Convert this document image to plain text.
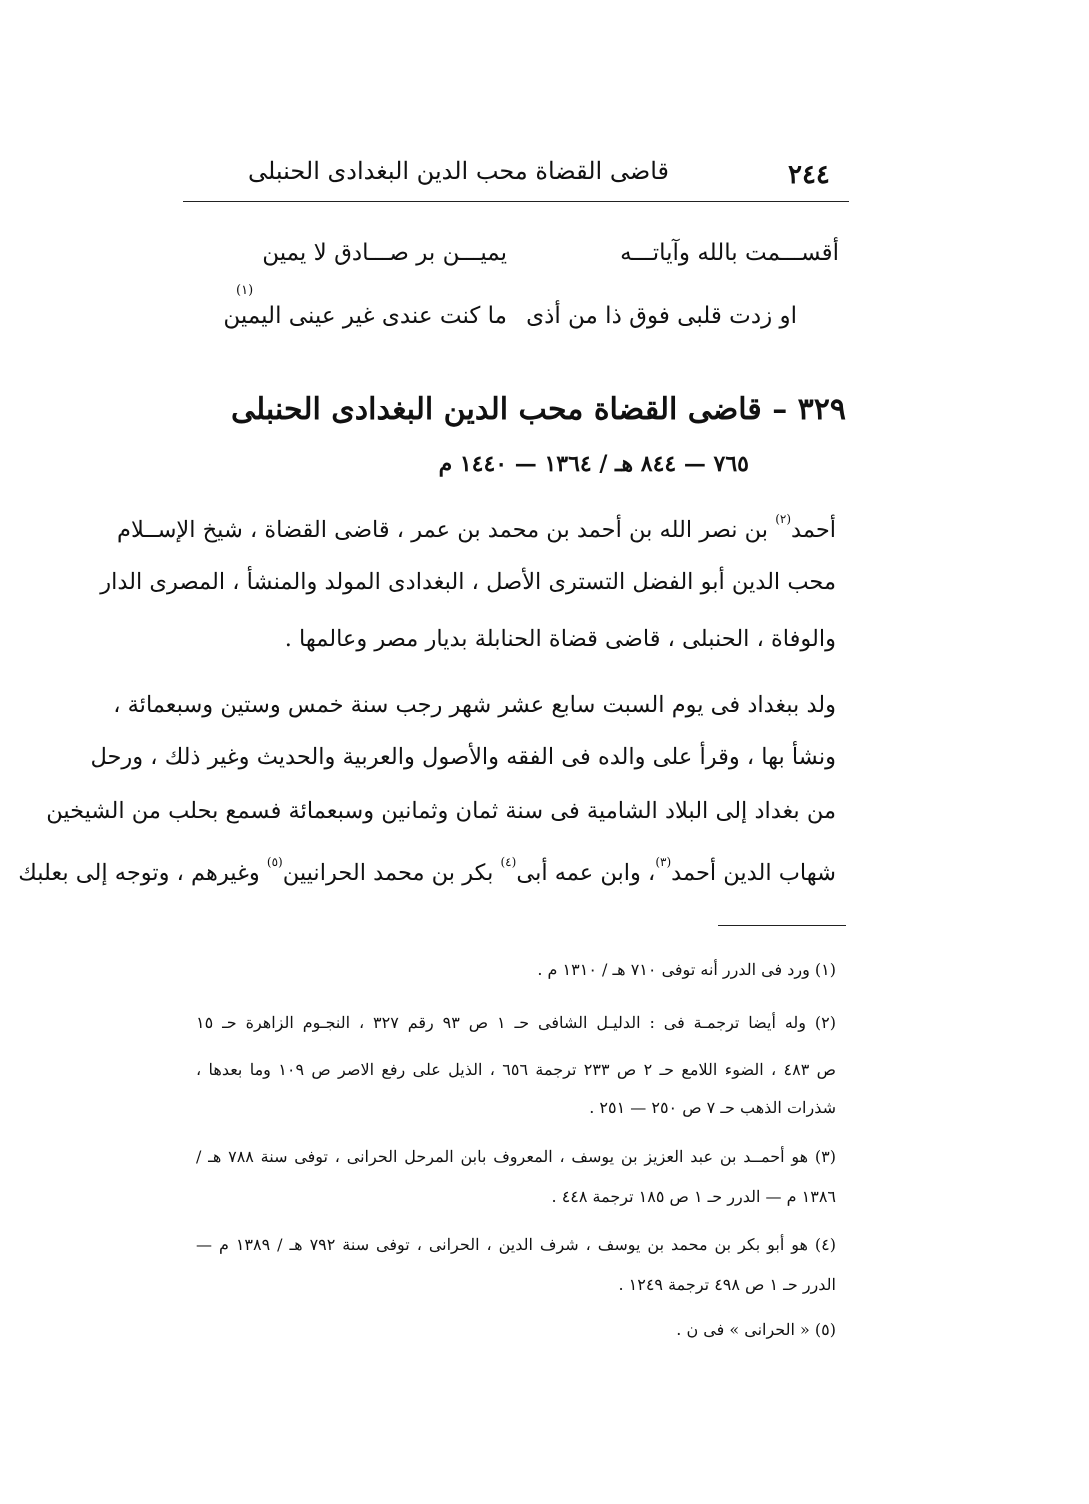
٢٤٤
قاضى القضاة محب الدين البغدادى الحنبلى
أقســـمت بالله وآياتـــه
يميـــن بر صـــادق لا يمين
او زدت قلبى فوق ذا من أذى
ما كنت عندى غير عينى اليمين
(١)
٣٢٩ – قاضى القضاة محب الدين البغدادى الحنبلى
٧٦٥ — ٨٤٤ هـ / ١٣٦٤ — ١٤٤٠ م
أحمد$^{(٢)}$ بن نصر الله بن أحمد بن محمد بن عمر ، قاضى القضاة ، شيخ الإســلام
محب الدين أبو الفضل التسترى الأصل ، البغدادى المولد والمنشأ ، المصرى الدار
والوفاة ، الحنبلى ، قاضى قضاة الحنابلة بديار مصر وعالمها .
ولد ببغداد فى يوم السبت سابع عشر شهر رجب سنة خمس وستين وسبعمائة ،
ونشأ بها ، وقرأ على والده فى الفقه والأصول والعربية والحديث وغير ذلك ، ورحل
من بغداد إلى البلاد الشامية فى سنة ثمان وثمانين وسبعمائة فسمع بحلب من الشيخين
شهاب الدين أحمد$^{(٣)}$، وابن عمه أبى$^{(٤)}$ بكر بن محمد الحرانيين$^{(٥)}$ وغيرهم ، وتوجه إلى بعلبك
(١) ورد فى الدرر أنه توفى ٧١٠ هـ / ١٣١٠ م .
(٢) وله أيضا ترجمـة فى : الدليـل الشافى حـ ١ ص ٩٣ رقم ٣٢٧ ، النجـوم الزاهرة حـ ١٥
ص ٤٨٣ ، الضوء اللامع حـ ٢ ص ٢٣٣ ترجمة ٦٥٦ ، الذيل على رفع الاصر ص ١٠٩ وما بعدها ،
شذرات الذهب حـ ٧ ص ٢٥٠ — ٢٥١ .
(٣) هو أحمــد بن عبد العزيز بن يوسف ، المعروف بابن المرحل الحرانى ، توفى سنة ٧٨٨ هـ /
١٣٨٦ م — الدرر حـ ١ ص ١٨٥ ترجمة ٤٤٨ .
(٤) هو أبو بكر بن محمد بن يوسف ، شرف الدين ، الحرانى ، توفى سنة ٧٩٢ هـ / ١٣٨٩ م —
الدرر حـ ١ ص ٤٩٨ ترجمة ١٢٤٩ .
(٥) « الحرانى » فى ن .
